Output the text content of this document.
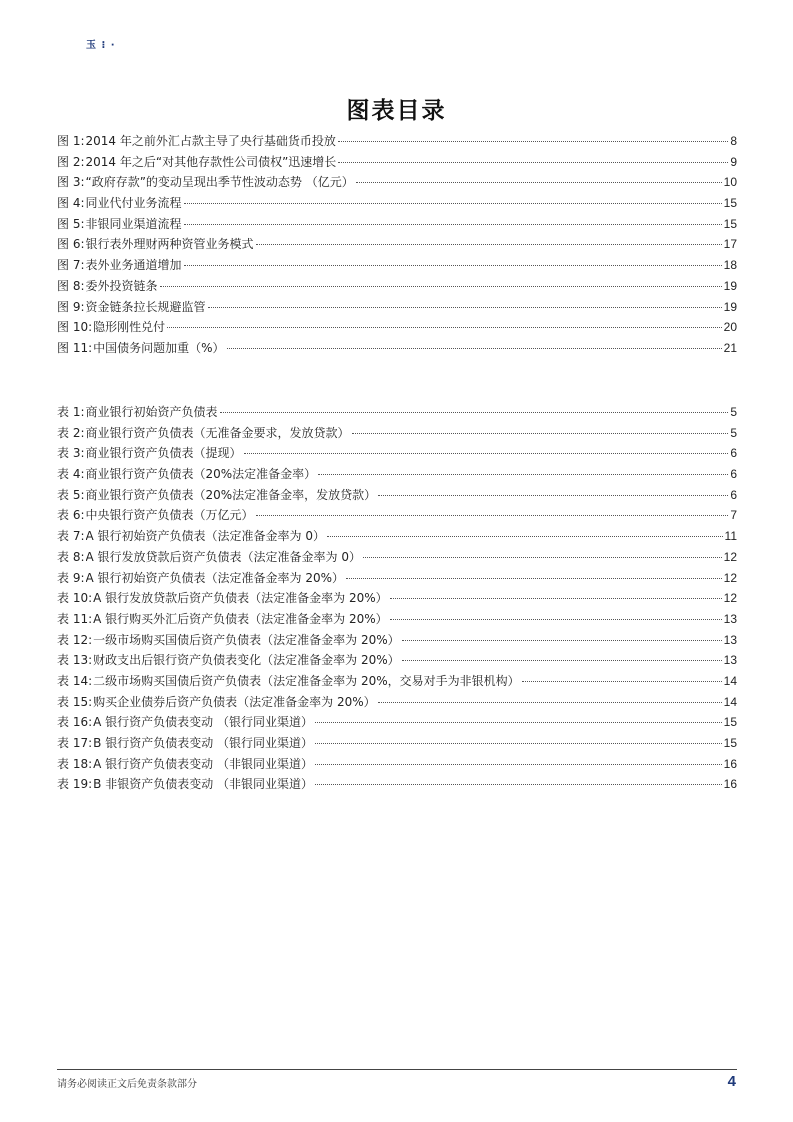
玉 ⁝ ·
图表目录
图 1: 2014 年之前外汇占款主导了央行基础货币投放	8
图 2: 2014 年之后“对其他存款性公司债权”迅速增长	9
图 3: “政府存款”的变动呈现出季节性波动态势 （亿元）	10
图 4: 同业代付业务流程	15
图 5: 非银同业渠道流程	15
图 6: 银行表外理财两种资管业务模式	17
图 7: 表外业务通道增加	18
图 8: 委外投资链条	19
图 9: 资金链条拉长规避监管	19
图 10: 隐形刚性兑付	20
图 11: 中国债务问题加重（%）	21
表 1: 商业银行初始资产负债表	5
表 2: 商业银行资产负债表（无准备金要求，发放贷款）	5
表 3: 商业银行资产负债表（提现）	6
表 4: 商业银行资产负债表（20%法定准备金率）	6
表 5: 商业银行资产负债表（20%法定准备金率，发放贷款）	6
表 6: 中央银行资产负债表（万亿元）	7
表 7: A 银行初始资产负债表（法定准备金率为 0）	11
表 8: A 银行发放贷款后资产负债表（法定准备金率为 0）	12
表 9: A 银行初始资产负债表（法定准备金率为 20%）	12
表 10: A 银行发放贷款后资产负债表（法定准备金率为 20%）	12
表 11: A 银行购买外汇后资产负债表（法定准备金率为 20%）	13
表 12: 一级市场购买国债后资产负债表（法定准备金率为 20%）	13
表 13: 财政支出后银行资产负债表变化（法定准备金率为 20%）	13
表 14: 二级市场购买国债后资产负债表（法定准备金率为 20%，交易对手为非银机构）	14
表 15: 购买企业债券后资产负债表（法定准备金率为 20%）	14
表 16: A 银行资产负债表变动 （银行同业渠道）	15
表 17: B 银行资产负债表变动 （银行同业渠道）	15
表 18: A 银行资产负债表变动 （非银同业渠道）	16
表 19: B 非银资产负债表变动 （非银同业渠道）	16
请务必阅读正文后免责条款部分	4
